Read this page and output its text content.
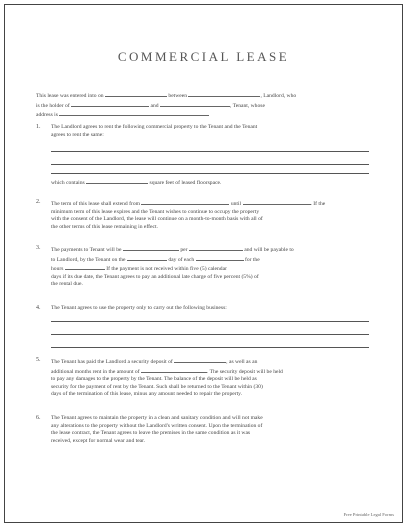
COMMERCIAL LEASE

This lease was entered into on	between	, Landlord, who

is the holder of	and	, Tenant, whose

address is

1. The Landlord agrees to rent the following commercial property to the Tenant and the Tenant

agrees to rent the same:

which contains	square feet of leased floorspace.

2. The term of this lease shall extend from	until	. If the

minimum term of this lease expires and the Tenant wishes to continue to occupy the property

with the consent of the Landlord, the lease will continue on a month-to-month basis with all of

the other terms of this lease remaining in effect.

3. The payments to Tenant will be	per	and will be payable to

to Landlord, by the Tenant on the	day of each	for the

hours	If the payment is not received within five (5) calendar

days if its due date, the Tenant agrees to pay an additional late charge of five percent (5%) of

the rental due.

4. The Tenant agrees to use the property only to carry out the following business:

5. The Tenant has paid the Landlord a security deposit of	, as well as an

additional months rent in the amount of	. The security deposit will be held

to pay any damages to the property by the Tenant. The balance of the deposit will be held as

security for the payment of rent by the Tenant. Such shall be returned to the Tenant within (30)

days of the termination of this lease, minus any amount needed to repair the property.

6. The Tenant agrees to maintain the property in a clean and sanitary condition and will not make

any alterations to the property without the Landlord's written consent. Upon the termination of

the lease contract, the Tenant agrees to leave the premises in the same condition as it was

received, except for normal wear and tear.

Free Printable Legal Forms
